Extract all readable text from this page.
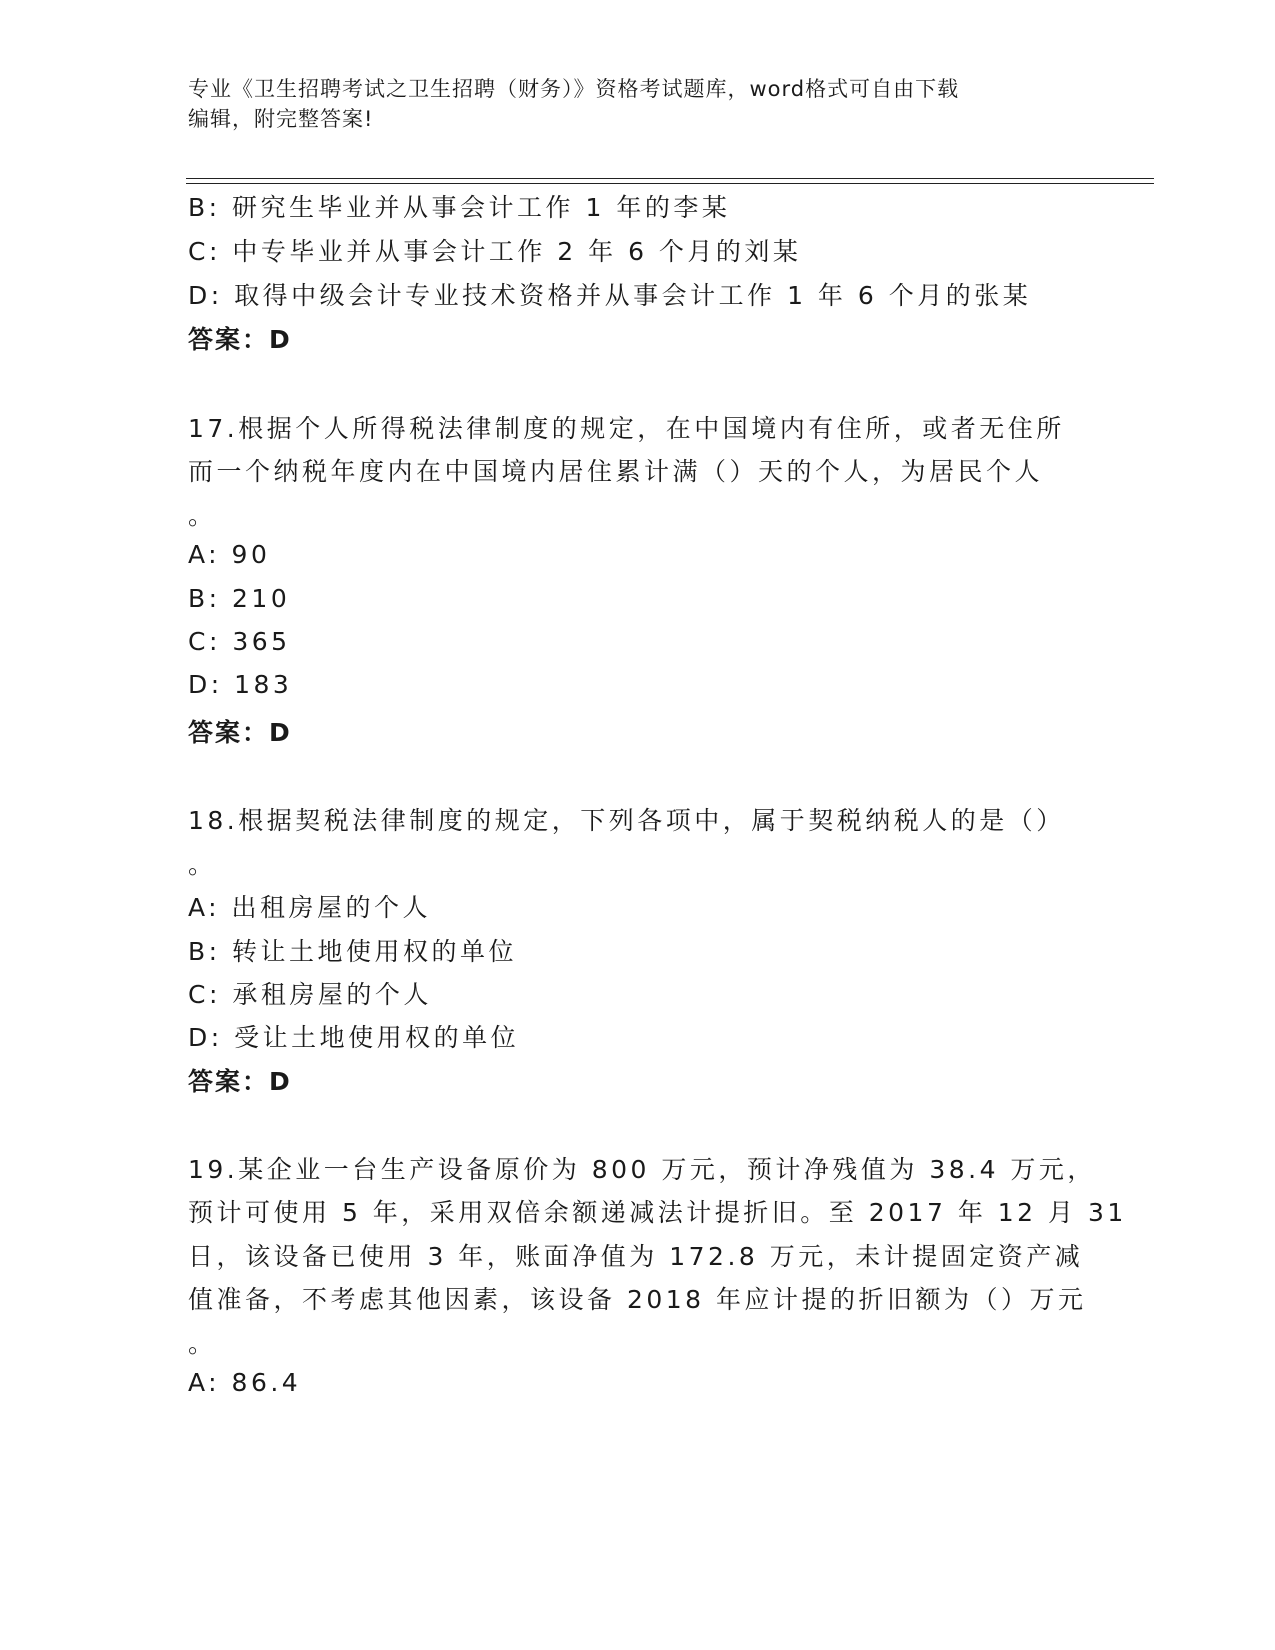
专业《卫生招聘考试之卫生招聘（财务）》资格考试题库，word格式可自由下载
编辑，附完整答案!
B: 研究生毕业并从事会计工作 1 年的李某
C: 中专毕业并从事会计工作 2 年 6 个月的刘某
D: 取得中级会计专业技术资格并从事会计工作 1 年 6 个月的张某
答案：D
17.根据个人所得税法律制度的规定，在中国境内有住所，或者无住所
而一个纳税年度内在中国境内居住累计满（）天的个人，为居民个人
。
A: 90
B: 210
C: 365
D: 183
答案：D
18.根据契税法律制度的规定，下列各项中，属于契税纳税人的是（）
。
A: 出租房屋的个人
B: 转让土地使用权的单位
C: 承租房屋的个人
D: 受让土地使用权的单位
答案：D
19.某企业一台生产设备原价为 800 万元，预计净残值为 38.4 万元，
预计可使用 5 年，采用双倍余额递减法计提折旧。至 2017 年 12 月 31
日，该设备已使用 3 年，账面净值为 172.8 万元，未计提固定资产减
值准备，不考虑其他因素，该设备 2018 年应计提的折旧额为（）万元
。
A: 86.4
